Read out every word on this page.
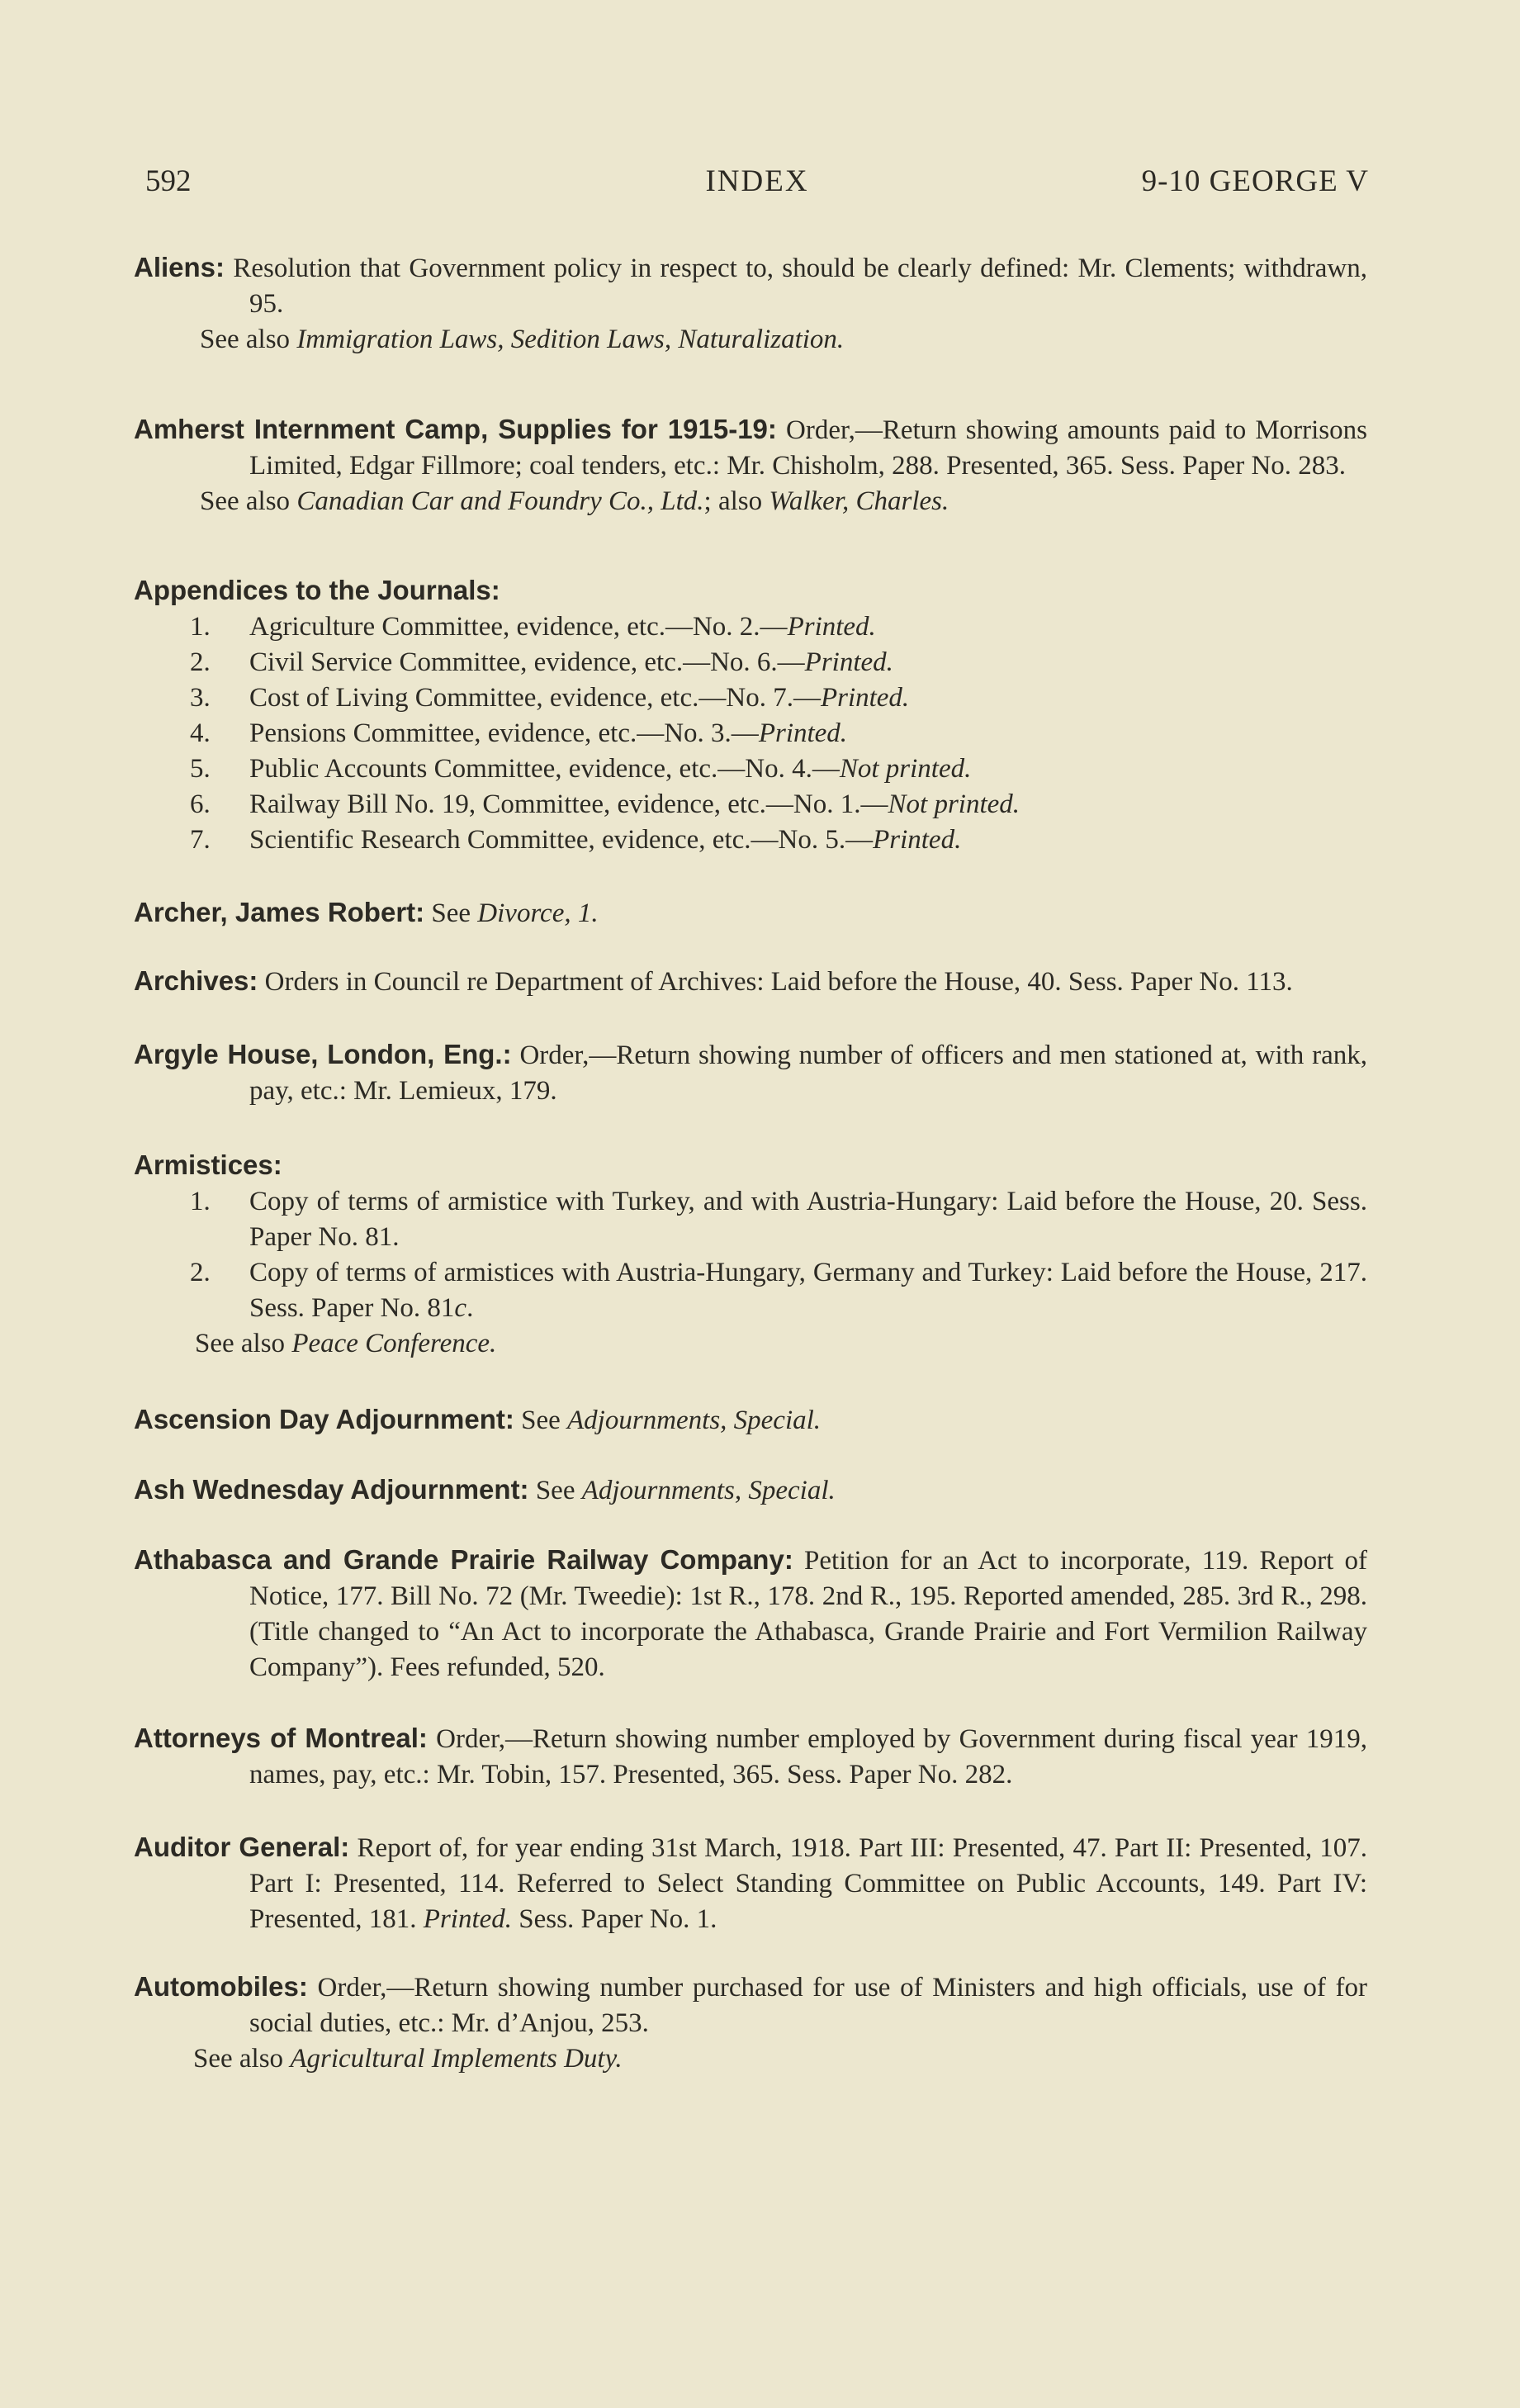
592	INDEX	9-10 GEORGE V

Aliens: Resolution that Government policy in respect to, should be clearly defined: Mr. Clements; withdrawn, 95.

See also Immigration Laws, Sedition Laws, Naturalization.

Amherst Internment Camp, Supplies for 1915-19: Order,—Return showing amounts paid to Morrisons Limited, Edgar Fillmore; coal tenders, etc.: Mr. Chisholm, 288. Presented, 365. Sess. Paper No. 283.

See also Canadian Car and Foundry Co., Ltd.; also Walker, Charles.

Appendices to the Journals:

1. Agriculture Committee, evidence, etc.—No. 2.—Printed.
2. Civil Service Committee, evidence, etc.—No. 6.—Printed.
3. Cost of Living Committee, evidence, etc.—No. 7.—Printed.
4. Pensions Committee, evidence, etc.—No. 3.—Printed.
5. Public Accounts Committee, evidence, etc.—No. 4.—Not printed.
6. Railway Bill No. 19, Committee, evidence, etc.—No. 1.—Not printed.
7. Scientific Research Committee, evidence, etc.—No. 5.—Printed.

Archer, James Robert: See Divorce, 1.

Archives: Orders in Council re Department of Archives: Laid before the House, 40. Sess. Paper No. 113.

Argyle House, London, Eng.: Order,—Return showing number of officers and men stationed at, with rank, pay, etc.: Mr. Lemieux, 179.

Armistices:

1. Copy of terms of armistice with Turkey, and with Austria-Hungary: Laid before the House, 20. Sess. Paper No. 81.
2. Copy of terms of armistices with Austria-Hungary, Germany and Turkey: Laid before the House, 217. Sess. Paper No. 81c.

See also Peace Conference.

Ascension Day Adjournment: See Adjournments, Special.

Ash Wednesday Adjournment: See Adjournments, Special.

Athabasca and Grande Prairie Railway Company: Petition for an Act to incorporate, 119. Report of Notice, 177. Bill No. 72 (Mr. Tweedie): 1st R., 178. 2nd R., 195. Reported amended, 285. 3rd R., 298. (Title changed to “An Act to incorporate the Athabasca, Grande Prairie and Fort Vermilion Railway Company”). Fees refunded, 520.

Attorneys of Montreal: Order,—Return showing number employed by Government during fiscal year 1919, names, pay, etc.: Mr. Tobin, 157. Presented, 365. Sess. Paper No. 282.

Auditor General: Report of, for year ending 31st March, 1918. Part III: Presented, 47. Part II: Presented, 107. Part I: Presented, 114. Referred to Select Standing Committee on Public Accounts, 149. Part IV: Presented, 181. Printed. Sess. Paper No. 1.

Automobiles: Order,—Return showing number purchased for use of Ministers and high officials, use of for social duties, etc.: Mr. d’Anjou, 253.

See also Agricultural Implements Duty.
